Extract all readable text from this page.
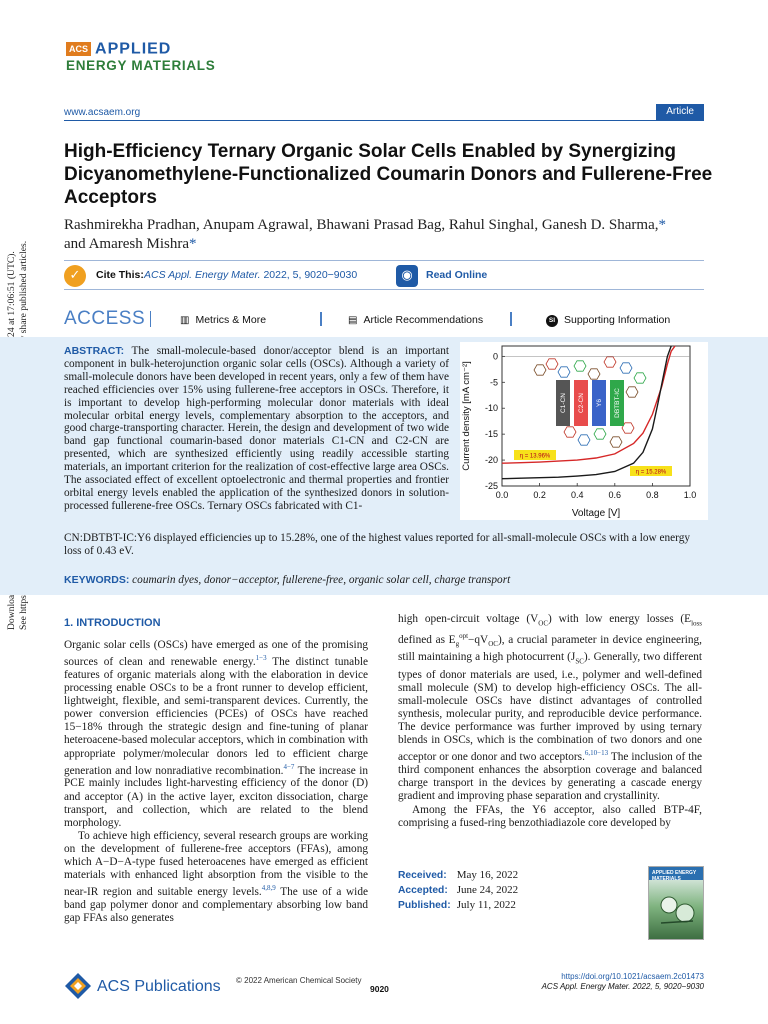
ACS APPLIED
ENERGY MATERIALS
www.acsaem.org	Article
High-Efficiency Ternary Organic Solar Cells Enabled by Synergizing Dicyanomethylene-Functionalized Coumarin Donors and Fullerene-Free Acceptors
Rashmirekha Pradhan, Anupam Agrawal, Bhawani Prasad Bag, Rahul Singhal, Ganesh D. Sharma,*
and Amaresh Mishra*
✓	Cite This: ACS Appl. Energy Mater. 2022, 5, 9020−9030	◉	Read Online
ACCESS	▥ Metrics & More	▤ Article Recommendations	SI Supporting Information
ABSTRACT: The small-molecule-based donor/acceptor blend is an important component in bulk-heterojunction organic solar cells (OSCs). Although a variety of small-molecule donors have been developed in recent years, only a few of them have reached efficiencies over 15% using fullerene-free acceptors in OSCs. Therefore, it is important to develop high-performing molecular donor materials with ideal molecular orbital energy levels, complementary absorption to the acceptors, and good charge-transporting character. Herein, the design and development of two wide band gap functional coumarin-based donor materials C1-CN and C2-CN are presented, which are synthesized efficiently using readily accessible starting materials, an important criterion for the realization of cost-effective large area OSCs. The associated effect of excellent optoelectronic and thermal properties and frontier orbital energy levels enabled the application of the synthesized donors in solution-processed fullerene-free OSCs. Ternary OSCs fabricated with C1-
CN:DBTBT-IC:Y6 displayed efficiencies up to 15.28%, one of the highest values reported for all-small-molecule OSCs with a low energy loss of 0.43 eV.
KEYWORDS: coumarin dyes, donor−acceptor, fullerene-free, organic solar cell, charge transport
C1-CN C2-CN Y6 DBTBT-IC
η = 13.96%
η = 15.28%
0.0	0.2	0.4	0.6	0.8	1.0
0
-5
-10
-15
-20
-25
Voltage [V]
Current density [mA cm⁻²]
1. INTRODUCTION

Organic solar cells (OSCs) have emerged as one of the promising sources of clean and renewable energy.$^{1-3}$ The distinct tunable features of organic materials along with the elaboration in device processing enable OSCs to be a front runner to develop efficient, lightweight, flexible, and semi-transparent devices. Currently, the power conversion efficiencies (PCEs) of OSCs have reached 15−18% through the strategic design and fine-tuning of planar heteroacene-based molecular acceptors, which in combination with appropriate polymer/molecular donors led to efficient charge generation and low nonradiative recombination.$^{4-7}$ The increase in PCE mainly includes light-harvesting efficiency of the donor (D) and acceptor (A) in the active layer, exciton dissociation, charge transport, and collection, which are related to the blend morphology.

To achieve high efficiency, several research groups are working on the development of fullerene-free acceptors (FFAs), among which A−D−A-type fused heteroacenes have emerged as efficient materials with enhanced light absorption from the visible to the near-IR region and suitable energy levels.$^{4,8,9}$ The use of a wide band gap polymer donor and complementary absorbing low band gap FFAs also generates

high open-circuit voltage $(V_{OC})$ with low energy losses ($E_{loss}$ defined as $E_g^{opt}-qV_{OC}$), a crucial parameter in device engineering, still maintaining a high photocurrent $(J_{SC})$. Generally, two different types of donor materials are used, i.e., polymer and well-defined small molecule (SM) to develop high-efficiency OSCs. The all-small-molecule OSCs have distinct advantages of controlled synthesis, molecular purity, and reproducible device performance. The device performance was further improved by using ternary blends in OSCs, which is the combination of two donors and one acceptor or one donor and two acceptors.$^{6,10-13}$ The inclusion of the third component enhances the absorption coverage and balanced charge transport in the devices by generating a cascade energy gradient and improving phase separation and crystallinity.

Among the FFAs, the Y6 acceptor, also called BTP-4F, comprising a fused-ring benzothiadiazole core developed by

Received: May 16, 2022
Accepted: June 24, 2022
Published: July 11, 2022
APPLIED ENERGY MATERIALS
ACS Publications © 2022 American Chemical Society
9020
https://doi.org/10.1021/acsaem.2c01473
ACS Appl. Energy Mater. 2022, 5, 9020−9030
